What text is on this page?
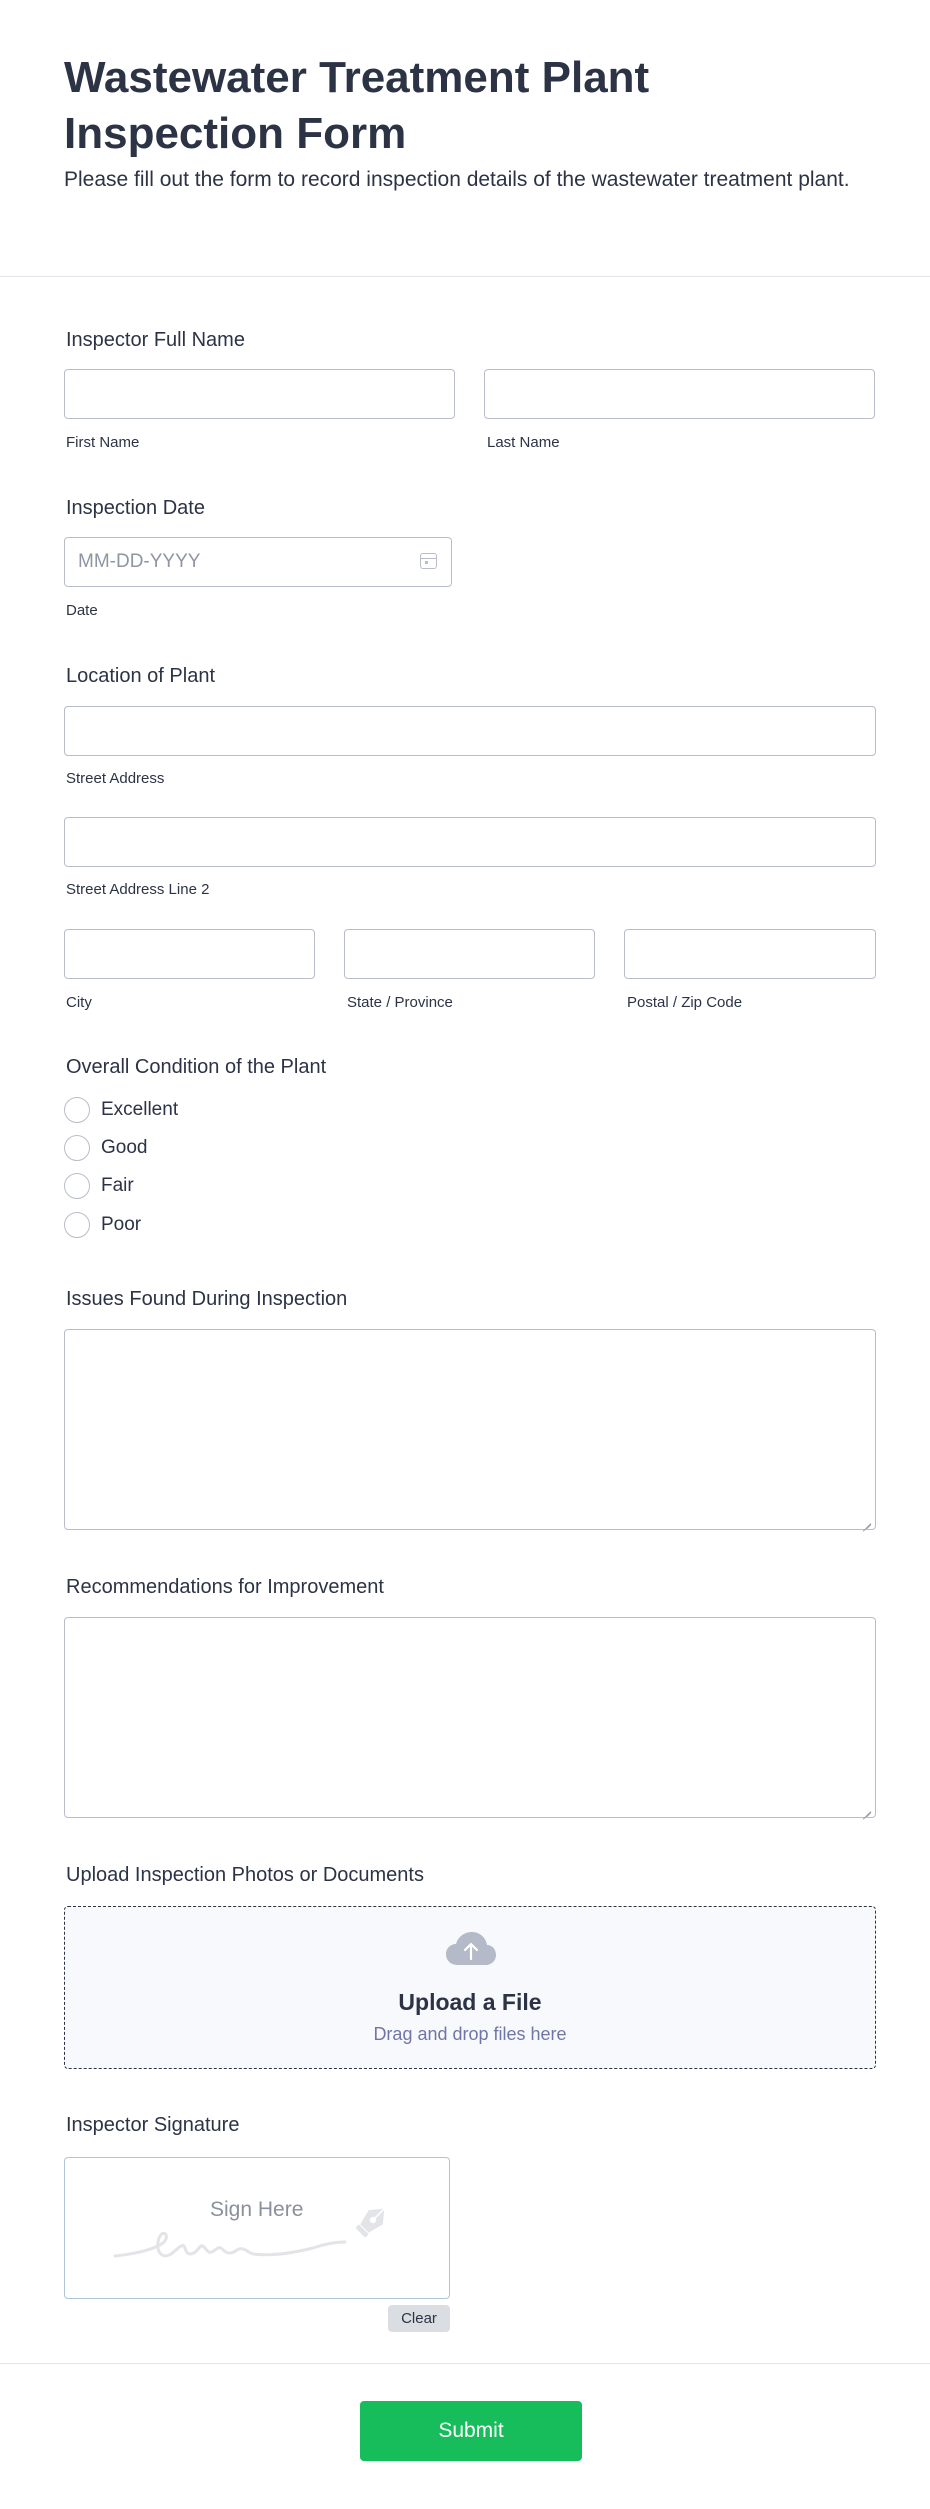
Wastewater Treatment Plant Inspection Form
Please fill out the form to record inspection details of the wastewater treatment plant.
Inspector Full Name
First Name	Last Name
Inspection Date
MM-DD-YYYY
Date
Location of Plant
Street Address
Street Address Line 2
City	State / Province	Postal / Zip Code
Overall Condition of the Plant
Excellent
Good
Fair
Poor
Issues Found During Inspection
Recommendations for Improvement
Upload Inspection Photos or Documents
Upload a File
Drag and drop files here
Inspector Signature
Sign Here
Clear
Submit
